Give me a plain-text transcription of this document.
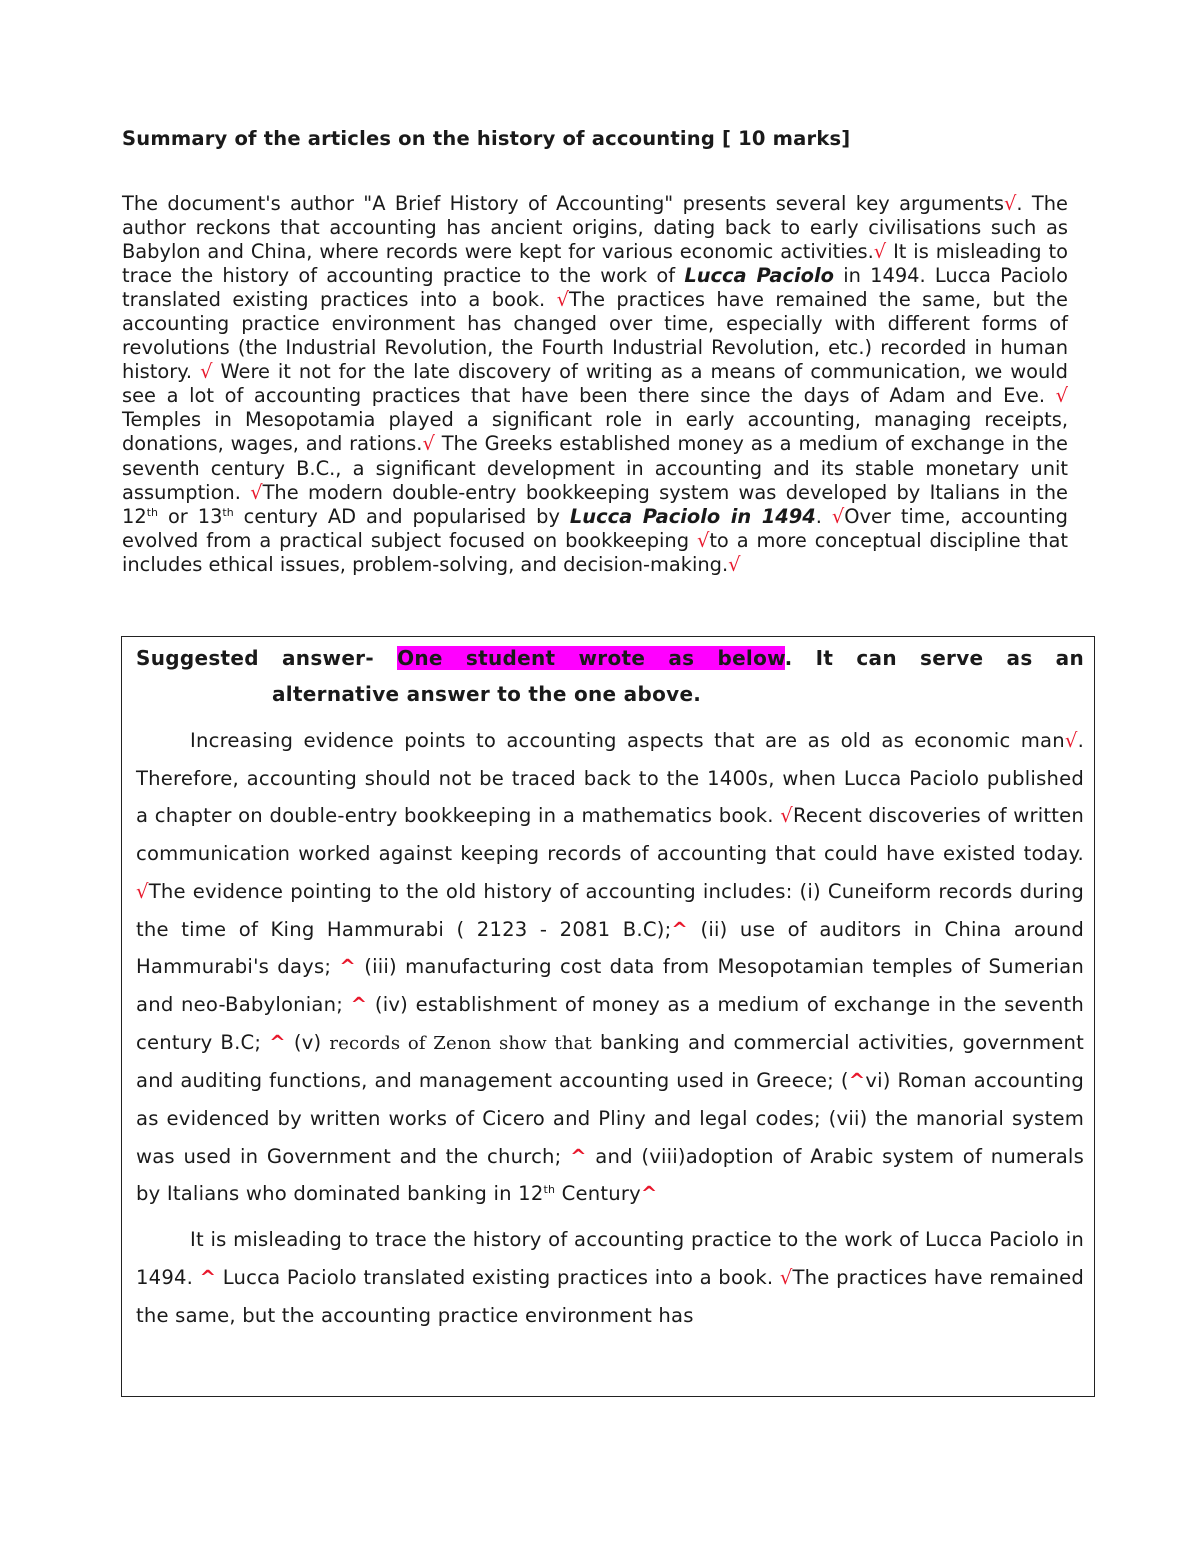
Summary of the articles on the history of accounting [ 10 marks]

The document's author "A Brief History of Accounting" presents several key arguments√. The author reckons that accounting has ancient origins, dating back to early civilisations such as Babylon and China, where records were kept for various economic activities.√ It is misleading to trace the history of accounting practice to the work of Lucca Paciolo in 1494. Lucca Paciolo translated existing practices into a book. √The practices have remained the same, but the accounting practice environment has changed over time, especially with different forms of revolutions (the Industrial Revolution, the Fourth Industrial Revolution, etc.) recorded in human history. √ Were it not for the late discovery of writing as a means of communication, we would see a lot of accounting practices that have been there since the days of Adam and Eve. √ Temples in Mesopotamia played a significant role in early accounting, managing receipts, donations, wages, and rations.√ The Greeks established money as a medium of exchange in the seventh century B.C., a significant development in accounting and its stable monetary unit assumption. √The modern double-entry bookkeeping system was developed by Italians in the 12th or 13th century AD and popularised by Lucca Paciolo in 1494. √Over time, accounting evolved from a practical subject focused on bookkeeping √to a more conceptual discipline that includes ethical issues, problem-solving, and decision-making.√

Suggested answer- One student wrote as below. It can serve as an

alternative answer to the one above.

Increasing evidence points to accounting aspects that are as old as economic man√. Therefore, accounting should not be traced back to the 1400s, when Lucca Paciolo published a chapter on double-entry bookkeeping in a mathematics book. √Recent discoveries of written communication worked against keeping records of accounting that could have existed today. √The evidence pointing to the old history of accounting includes: (i) Cuneiform records during the time of King Hammurabi ( 2123 - 2081 B.C);^ (ii) use of auditors in China around Hammurabi's days; ^ (iii) manufacturing cost data from Mesopotamian temples of Sumerian and neo-Babylonian; ^ (iv) establishment of money as a medium of exchange in the seventh century B.C; ^ (v) records of Zenon show that banking and commercial activities, government and auditing functions, and management accounting used in Greece; (^vi) Roman accounting as evidenced by written works of Cicero and Pliny and legal codes; (vii) the manorial system was used in Government and the church; ^ and (viii)adoption of Arabic system of numerals by Italians who dominated banking in 12th Century^

It is misleading to trace the history of accounting practice to the work of Lucca Paciolo in 1494. ^ Lucca Paciolo translated existing practices into a book. √The practices have remained the same, but the accounting practice environment has
